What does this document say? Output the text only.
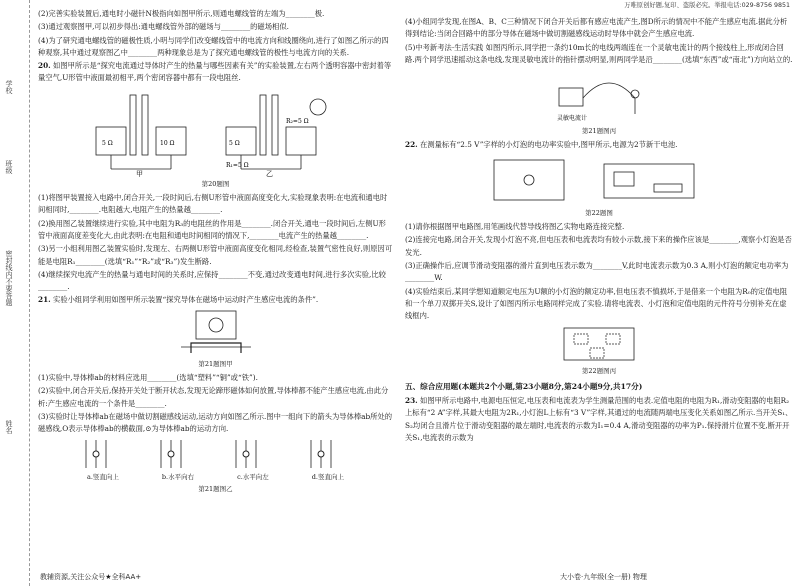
万唯原创好题,复印、盗版必究。举报电话:029-8756 9851
密封线内不要答题
学校
班级
姓名
(2)完善实验装置后,通电时小磁针N极指向如图甲所示,则通电螺线管的左端为________极.
(3)通过观察图甲,可以初步得出:通电螺线管外部的磁场与________的磁场相似.
(4)为了研究通电螺线管的磁极性质,小明与同学们改变螺线管中的电流方向和线圈绕向,进行了如图乙所示的四种观察,其中通过观察图乙中________两种现象总是为了探究通电螺线管的极性与电流方向的关系.
20. 如图甲所示是“探究电流通过导体时产生的热量与哪些因素有关”的实验装置,左右两个透明容器中密封着等量空气,U形管中液面最初相平,两个密闭容器中都有一段电阻丝.
甲
5 Ω	10 Ω
乙
5 Ω
R₂=5 Ω
R₁=5 Ω
第20题图
(1)将图甲装置接入电路中,闭合开关,一段时间后,右侧U形管中液面高度变化大,实验现象表明:在电流和通电时间相同时,________.电阻越大,电阻产生的热量越________.
(2)换用图乙装置继续进行实验,其中电阻为R₃的电阻丝的作用是________.闭合开关,通电一段时间后,左侧U形管中液面高度差变化大,由此表明:在电阻和通电时间相同的情况下,________电流产生的热量越________.
(3)另一小组利用图乙装置实验时,发现左、右两侧U形管中液面高度变化相同,经检查,装置气密性良好,则原因可能是电阻R₁________(选填“R₁”“R₂”或“R₃”)发生断路.
(4)继续探究电流产生的热量与通电时间的关系时,应保持________不变,通过改变通电时间,进行多次实验,比较________.
21. 实验小组同学利用如图甲所示装置“探究导体在磁场中运动时产生感应电流的条件”.
第21题图甲
(1)实验中,导体棒ab的材料应选用________(选填“塑料”“铜”或“铁”).
(2)实验中,闭合开关后,保持开关处于断开状态,发现无论蹄形磁体如何放置,导体棒都不能产生感应电流,由此分析:产生感应电流的一个条件是________.
(3)实验时让导体棒ab在磁场中做切割磁感线运动,运动方向如图乙所示.图中一组向下的箭头为导体棒ab所处的磁感线,O表示导体棒ab的横截面,⊙为导体棒ab的运动方向.
a.竖直向上	b.水平向右	c.水平向左	d.竖直向上
第21题图乙
(4)小组同学发现,在图A、B、C三种情况下闭合开关后都有感应电流产生,图D所示的情况中不能产生感应电流.据此分析得到结论:当闭合回路中的部分导体在磁场中做切割磁感线运动时导体中就会产生感应电流.
(5)中考新考法·生活实践 如图丙所示,同学把一条约10m长的电线两端连在一个灵敏电流计的两个接线柱上,形成闭合回路.两个同学迅速摇动这条电线,发现灵敏电流计的指针摆动明显,则两同学是沿________(选填“东西”或“南北”)方向站立的.
灵敏电流计
第21题图丙
22. 在测量标有“2.5 V”字样的小灯泡的电功率实验中,图甲所示,电源为2节新干电池.
第22题图
(1)请你根据图甲电路图,用笔画线代替导线将图乙实物电路连接完整.
(2)连接完电路,闭合开关,发现小灯泡不亮,但电压表和电流表均有较小示数,接下来的操作应该是________,观察小灯泡是否发光.
(3)正确操作后,应调节滑动变阻器的滑片直到电压表示数为________V,此时电流表示数为0.3 A,则小灯泡的额定电功率为________W.
(4)实验结束后,某同学想知道额定电压为U额的小灯泡的额定功率,但电压表不慎损坏,于是借来一个电阻为R₀的定值电阻和一个单刀双掷开关S,设计了如图丙所示电路同样完成了实验.请将电流表、小灯泡和定值电阻的元件符号分别补充在虚线框内.
第22题图丙
五、综合应用题(本题共2个小题,第23小题8分,第24小题9分,共17分)
23. 如图甲所示电路中,电源电压恒定,电压表和电流表为学生测量范围的电表.定值电阻的电阻为R₁,滑动变阻器的电阻R₂上标有“2 A”字样,其最大电阻为2R₁,小灯泡L上标有“3 V”字样,其通过的电流随两端电压变化关系如图乙所示.当开关S₁、S₂均闭合且滑片位于滑动变阻器的最左端时,电流表的示数为I₁=0.4 A,滑动变阻器的功率为P₁.保持滑片位置不变,断开开关S₁,电流表的示数为
教辅资源,关注公众号★全科AA+	大小卷·九年级(全一册) 物理
